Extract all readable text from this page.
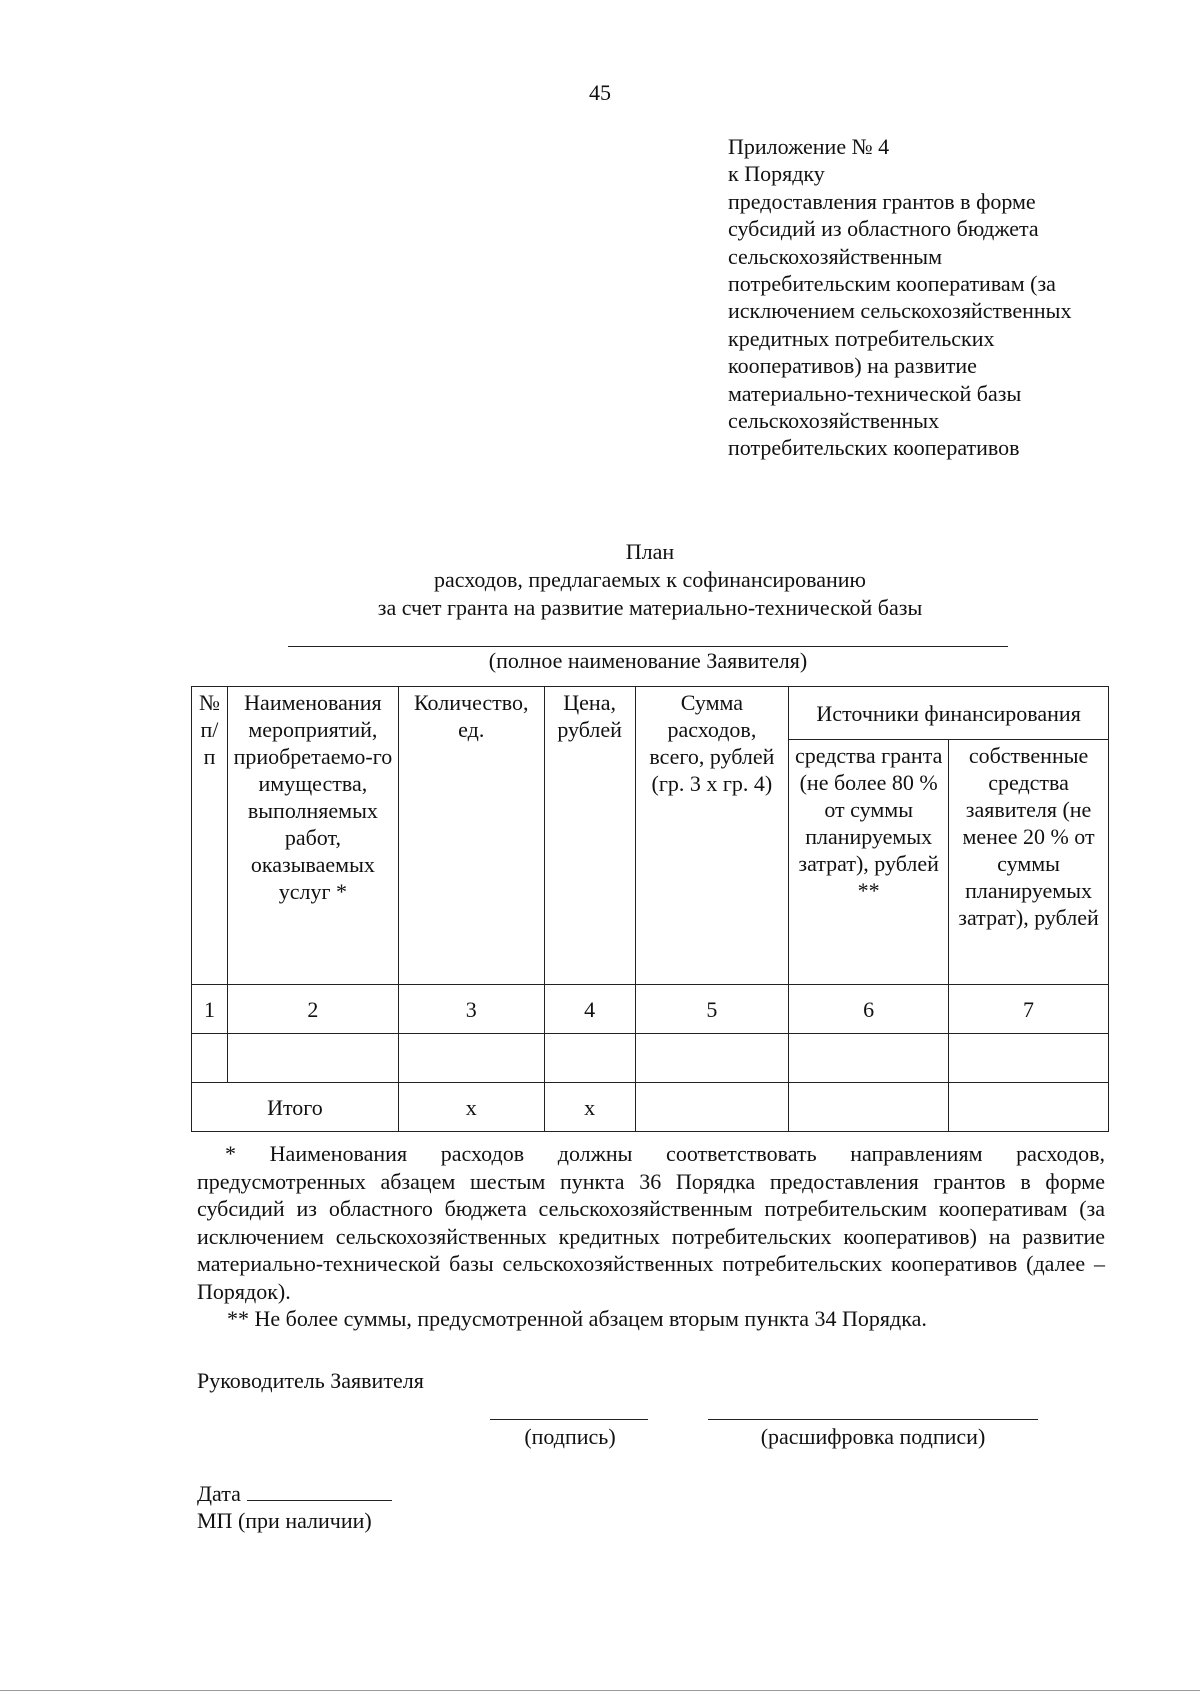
45
Приложение № 4
к Порядку
предоставления грантов в форме
субсидий из областного бюджета
сельскохозяйственным
потребительским кооперативам (за
исключением сельскохозяйственных
кредитных потребительских
кооперативов) на развитие
материально-технической базы
сельскохозяйственных
потребительских кооперативов
План
расходов, предлагаемых к софинансированию
за счет гранта на развитие материально-технической базы
(полное наименование Заявителя)
№ п/п	Наименования мероприятий, приобретаемо-го имущества, выполняемых работ, оказываемых услуг *	Количество, ед.	Цена, рублей	Сумма расходов, всего, рублей (гр. 3 x гр. 4)	Источники финансирования	
					средства гранта (не более 80 % от суммы планируемых затрат), рублей **	собственные средства заявителя (не менее 20 % от суммы планируемых затрат), рублей
1	2	3	4	5	6	7

Итого		x	x			

* Наименования расходов должны соответствовать направлениям расходов, предусмотренных абзацем шестым пункта 36 Порядка предоставления грантов в форме субсидий из областного бюджета сельскохозяйственным потребительским кооперативам (за исключением сельскохозяйственных кредитных потребительских кооперативов) на развитие материально-технической базы сельскохозяйственных потребительских кооперативов (далее – Порядок).

** Не более суммы, предусмотренной абзацем вторым пункта 34 Порядка.

Руководитель Заявителя
(подпись)	(расшифровка подписи)
Дата
МП (при наличии)
